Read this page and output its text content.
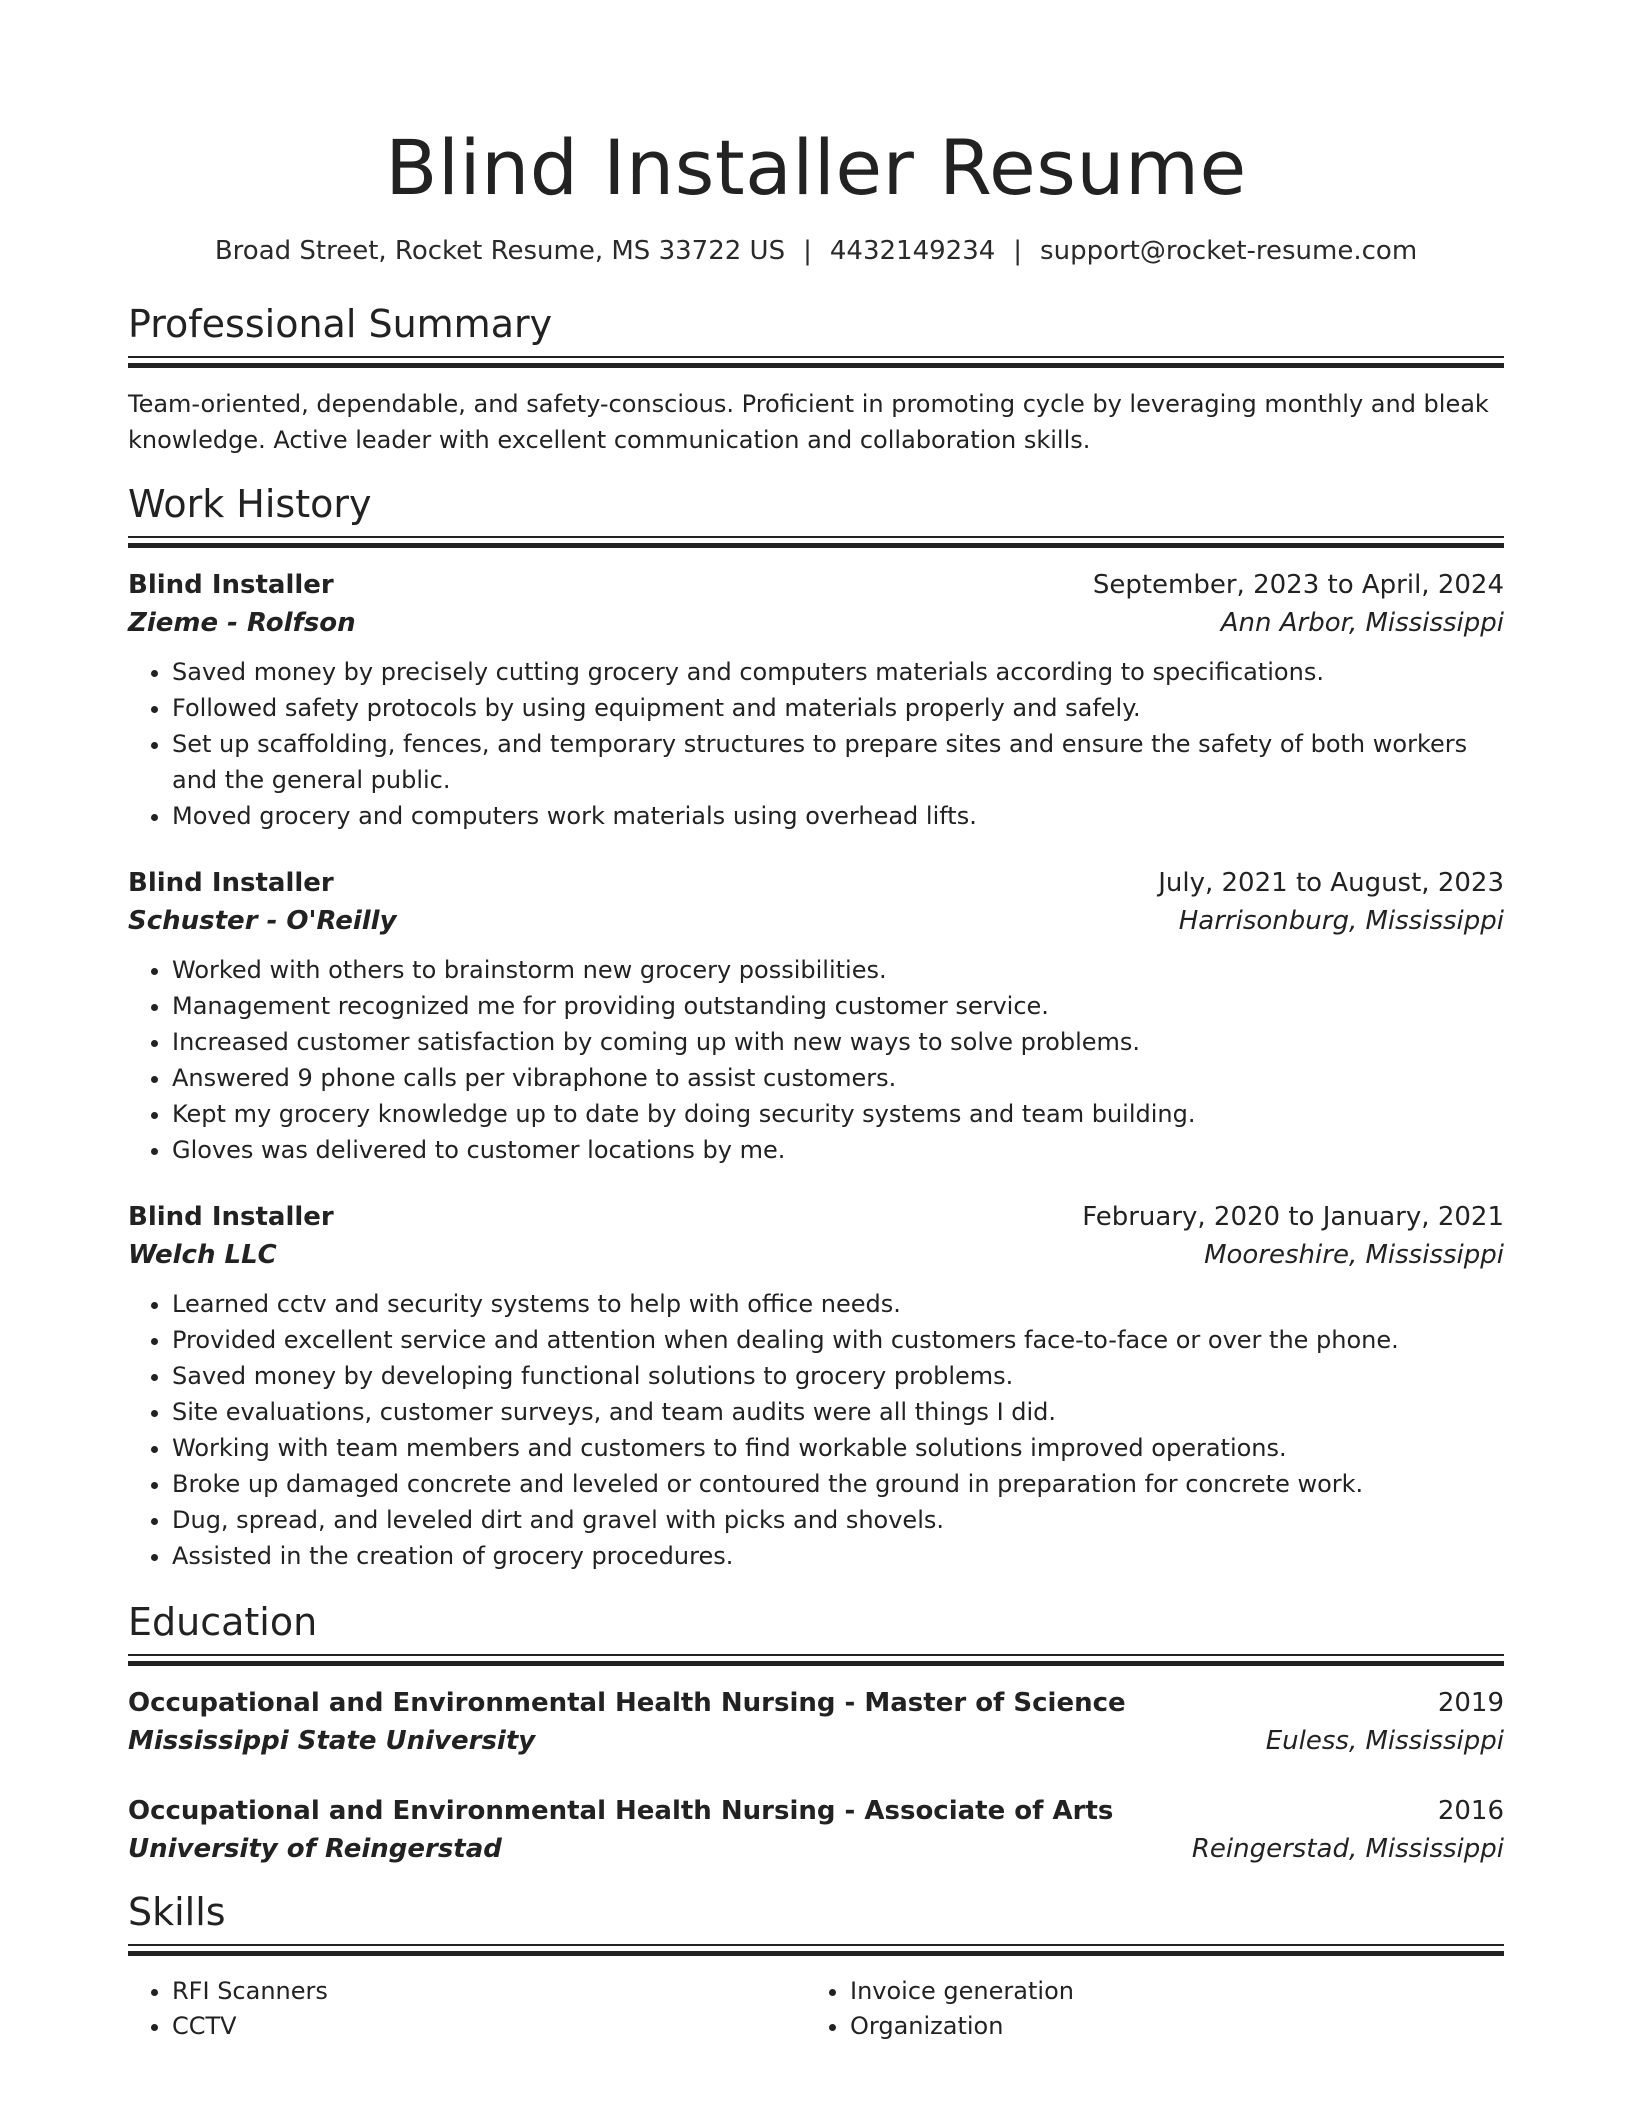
Blind Installer Resume
Broad Street, Rocket Resume, MS 33722 US | 4432149234 | support@rocket-resume.com
Professional Summary

Team-oriented, dependable, and safety-conscious. Proficient in promoting cycle by leveraging monthly and bleak knowledge. Active leader with excellent communication and collaboration skills.

Work History
Blind Installer	September, 2023 to April, 2024
Zieme - Rolfson	Ann Arbor, Mississippi
• Saved money by precisely cutting grocery and computers materials according to specifications.
• Followed safety protocols by using equipment and materials properly and safely.
• Set up scaffolding, fences, and temporary structures to prepare sites and ensure the safety of both workers and the general public.
• Moved grocery and computers work materials using overhead lifts.
Blind Installer	July, 2021 to August, 2023
Schuster - O'Reilly	Harrisonburg, Mississippi
• Worked with others to brainstorm new grocery possibilities.
• Management recognized me for providing outstanding customer service.
• Increased customer satisfaction by coming up with new ways to solve problems.
• Answered 9 phone calls per vibraphone to assist customers.
• Kept my grocery knowledge up to date by doing security systems and team building.
• Gloves was delivered to customer locations by me.
Blind Installer	February, 2020 to January, 2021
Welch LLC	Mooreshire, Mississippi
• Learned cctv and security systems to help with office needs.
• Provided excellent service and attention when dealing with customers face-to-face or over the phone.
• Saved money by developing functional solutions to grocery problems.
• Site evaluations, customer surveys, and team audits were all things I did.
• Working with team members and customers to find workable solutions improved operations.
• Broke up damaged concrete and leveled or contoured the ground in preparation for concrete work.
• Dug, spread, and leveled dirt and gravel with picks and shovels.
• Assisted in the creation of grocery procedures.
Education
Occupational and Environmental Health Nursing - Master of Science	2019
Mississippi State University	Euless, Mississippi
Occupational and Environmental Health Nursing - Associate of Arts	2016
University of Reingerstad	Reingerstad, Mississippi
Skills
• RFI Scanners
• CCTV
• Invoice generation
• Organization
